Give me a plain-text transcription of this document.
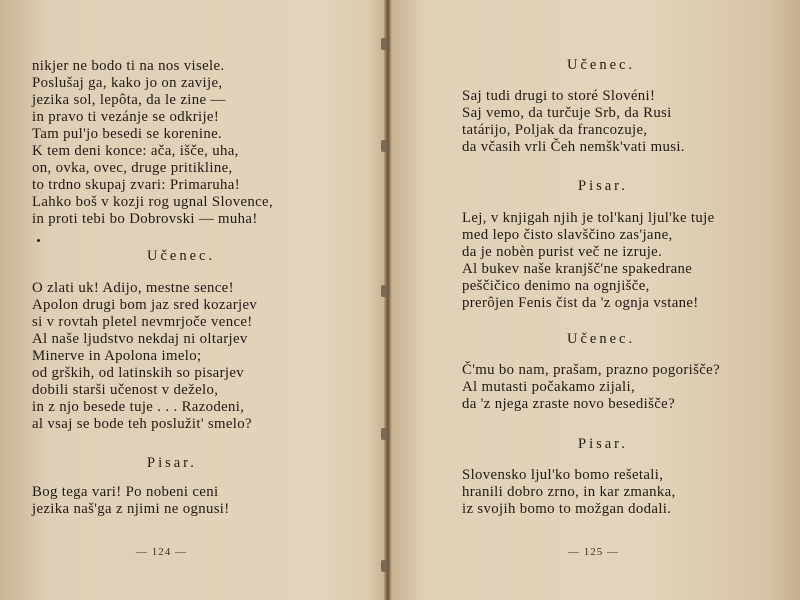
nikjer ne bodo ti na nos visele.
Poslušaj ga, kako jo on zavije,
jezika sol, lepôta, da le zine —
in pravo ti vezánje se odkrije!
Tam pul'jo besedi se korenine.
K tem deni konce: ača, išče, uha,
on, ovka, ovec, druge pritikline,
to trdno skupaj zvari: Primaruha!
Lahko boš v kozji rog ugnal Slovence,
in proti tebi bo Dobrovski — muha!
Učenec.
O zlati uk! Adijo, mestne sence!
Apolon drugi bom jaz sred kozarjev
si v rovtah pletel nevmrjoče vence!
Al naše ljudstvo nekdaj ni oltarjev
Minerve in Apolona imelo;
od grških, od latinskih so pisarjev
dobili starši učenost v deželo,
in z njo besede tuje . . . Razodeni,
al vsaj se bode teh poslužit' smelo?
Pisar.
Bog tega vari! Po nobeni ceni
jezika naš'ga z njimi ne ognusi!
— 124 —
Učenec.
Saj tudi drugi to storé Slovéni!
Saj vemo, da turčuje Srb, da Rusi
tatárijo, Poljak da francozuje,
da včasih vrli Čeh nemšk'vati musi.
Pisar.
Lej, v knjigah njih je tol'kanj ljul'ke tuje
med lepo čisto slavščino zas'jane,
da je nobèn purist več ne izruje.
Al bukev naše kranjšč'ne spakedrane
peščičico denimo na ognjišče,
prerôjen Fenis čist da 'z ognja vstane!
Učenec.
Č'mu bo nam, prašam, prazno pogorišče?
Al mutasti počakamo zijali,
da 'z njega zraste novo besedišče?
Pisar.
Slovensko ljul'ko bomo rešetali,
hranili dobro zrno, in kar zmanka,
iz svojih bomo to možgan dodali.
— 125 —
